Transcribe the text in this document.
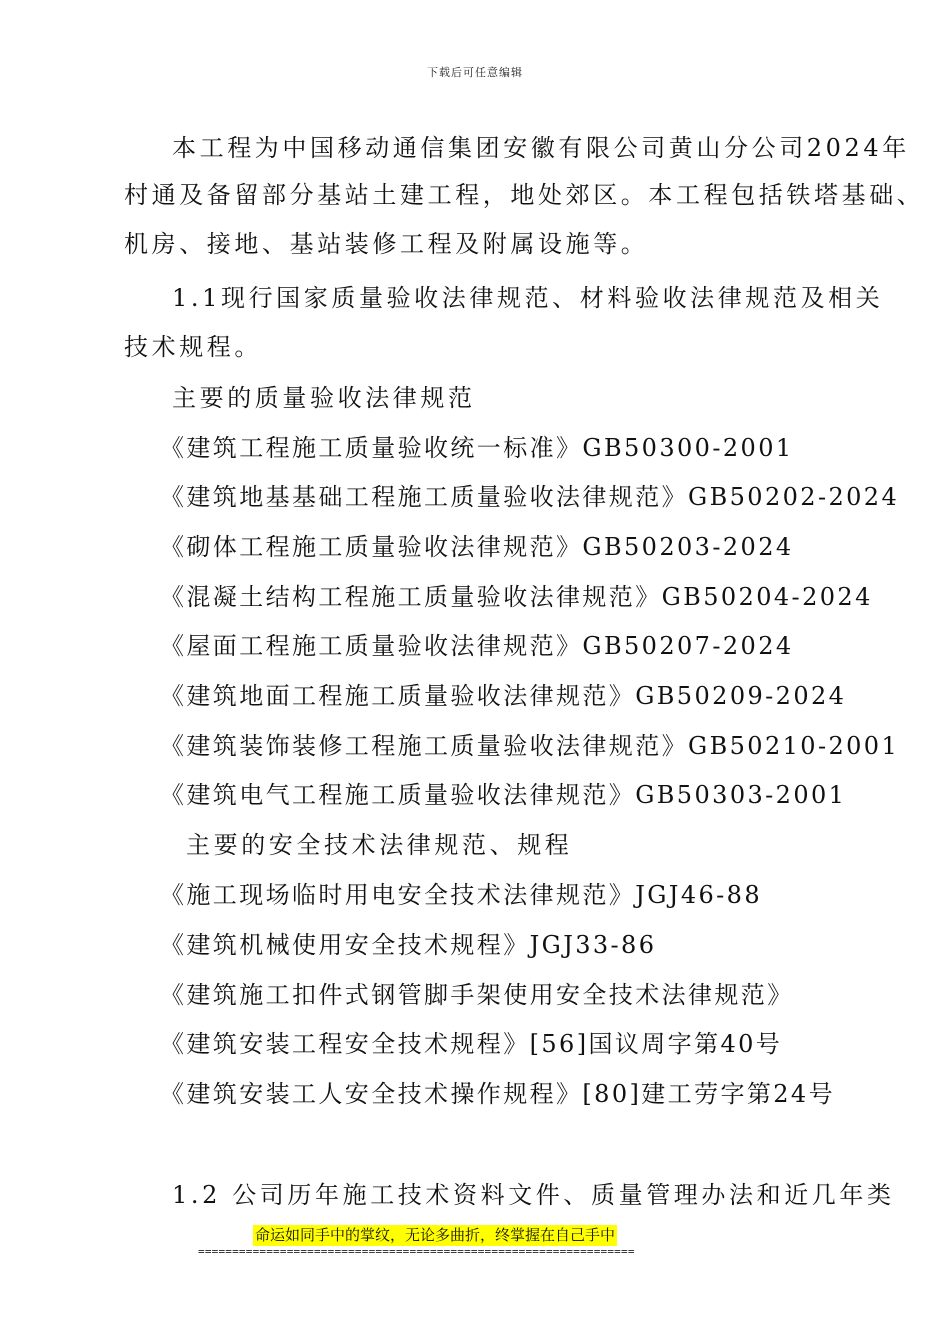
下载后可任意编辑
本工程为中国移动通信集团安徽有限公司黄山分公司2024年
村通及备留部分基站土建工程，地处郊区。本工程包括铁塔基础、
机房、接地、基站装修工程及附属设施等。
1.1现行国家质量验收法律规范、材料验收法律规范及相关
技术规程。
主要的质量验收法律规范
《建筑工程施工质量验收统一标准》GB50300-2001
《建筑地基基础工程施工质量验收法律规范》GB50202-2024
《砌体工程施工质量验收法律规范》GB50203-2024
《混凝土结构工程施工质量验收法律规范》GB50204-2024
《屋面工程施工质量验收法律规范》GB50207-2024
《建筑地面工程施工质量验收法律规范》GB50209-2024
《建筑装饰装修工程施工质量验收法律规范》GB50210-2001
《建筑电气工程施工质量验收法律规范》GB50303-2001
主要的安全技术法律规范、规程
《施工现场临时用电安全技术法律规范》JGJ46-88
《建筑机械使用安全技术规程》JGJ33-86
《建筑施工扣件式钢管脚手架使用安全技术法律规范》
《建筑安装工程安全技术规程》[56]国议周字第40号
《建筑安装工人安全技术操作规程》[80]建工劳字第24号
1.2 公司历年施工技术资料文件、质量管理办法和近几年类
命运如同手中的掌纹，无论多曲折，终掌握在自己手中
================================================================
